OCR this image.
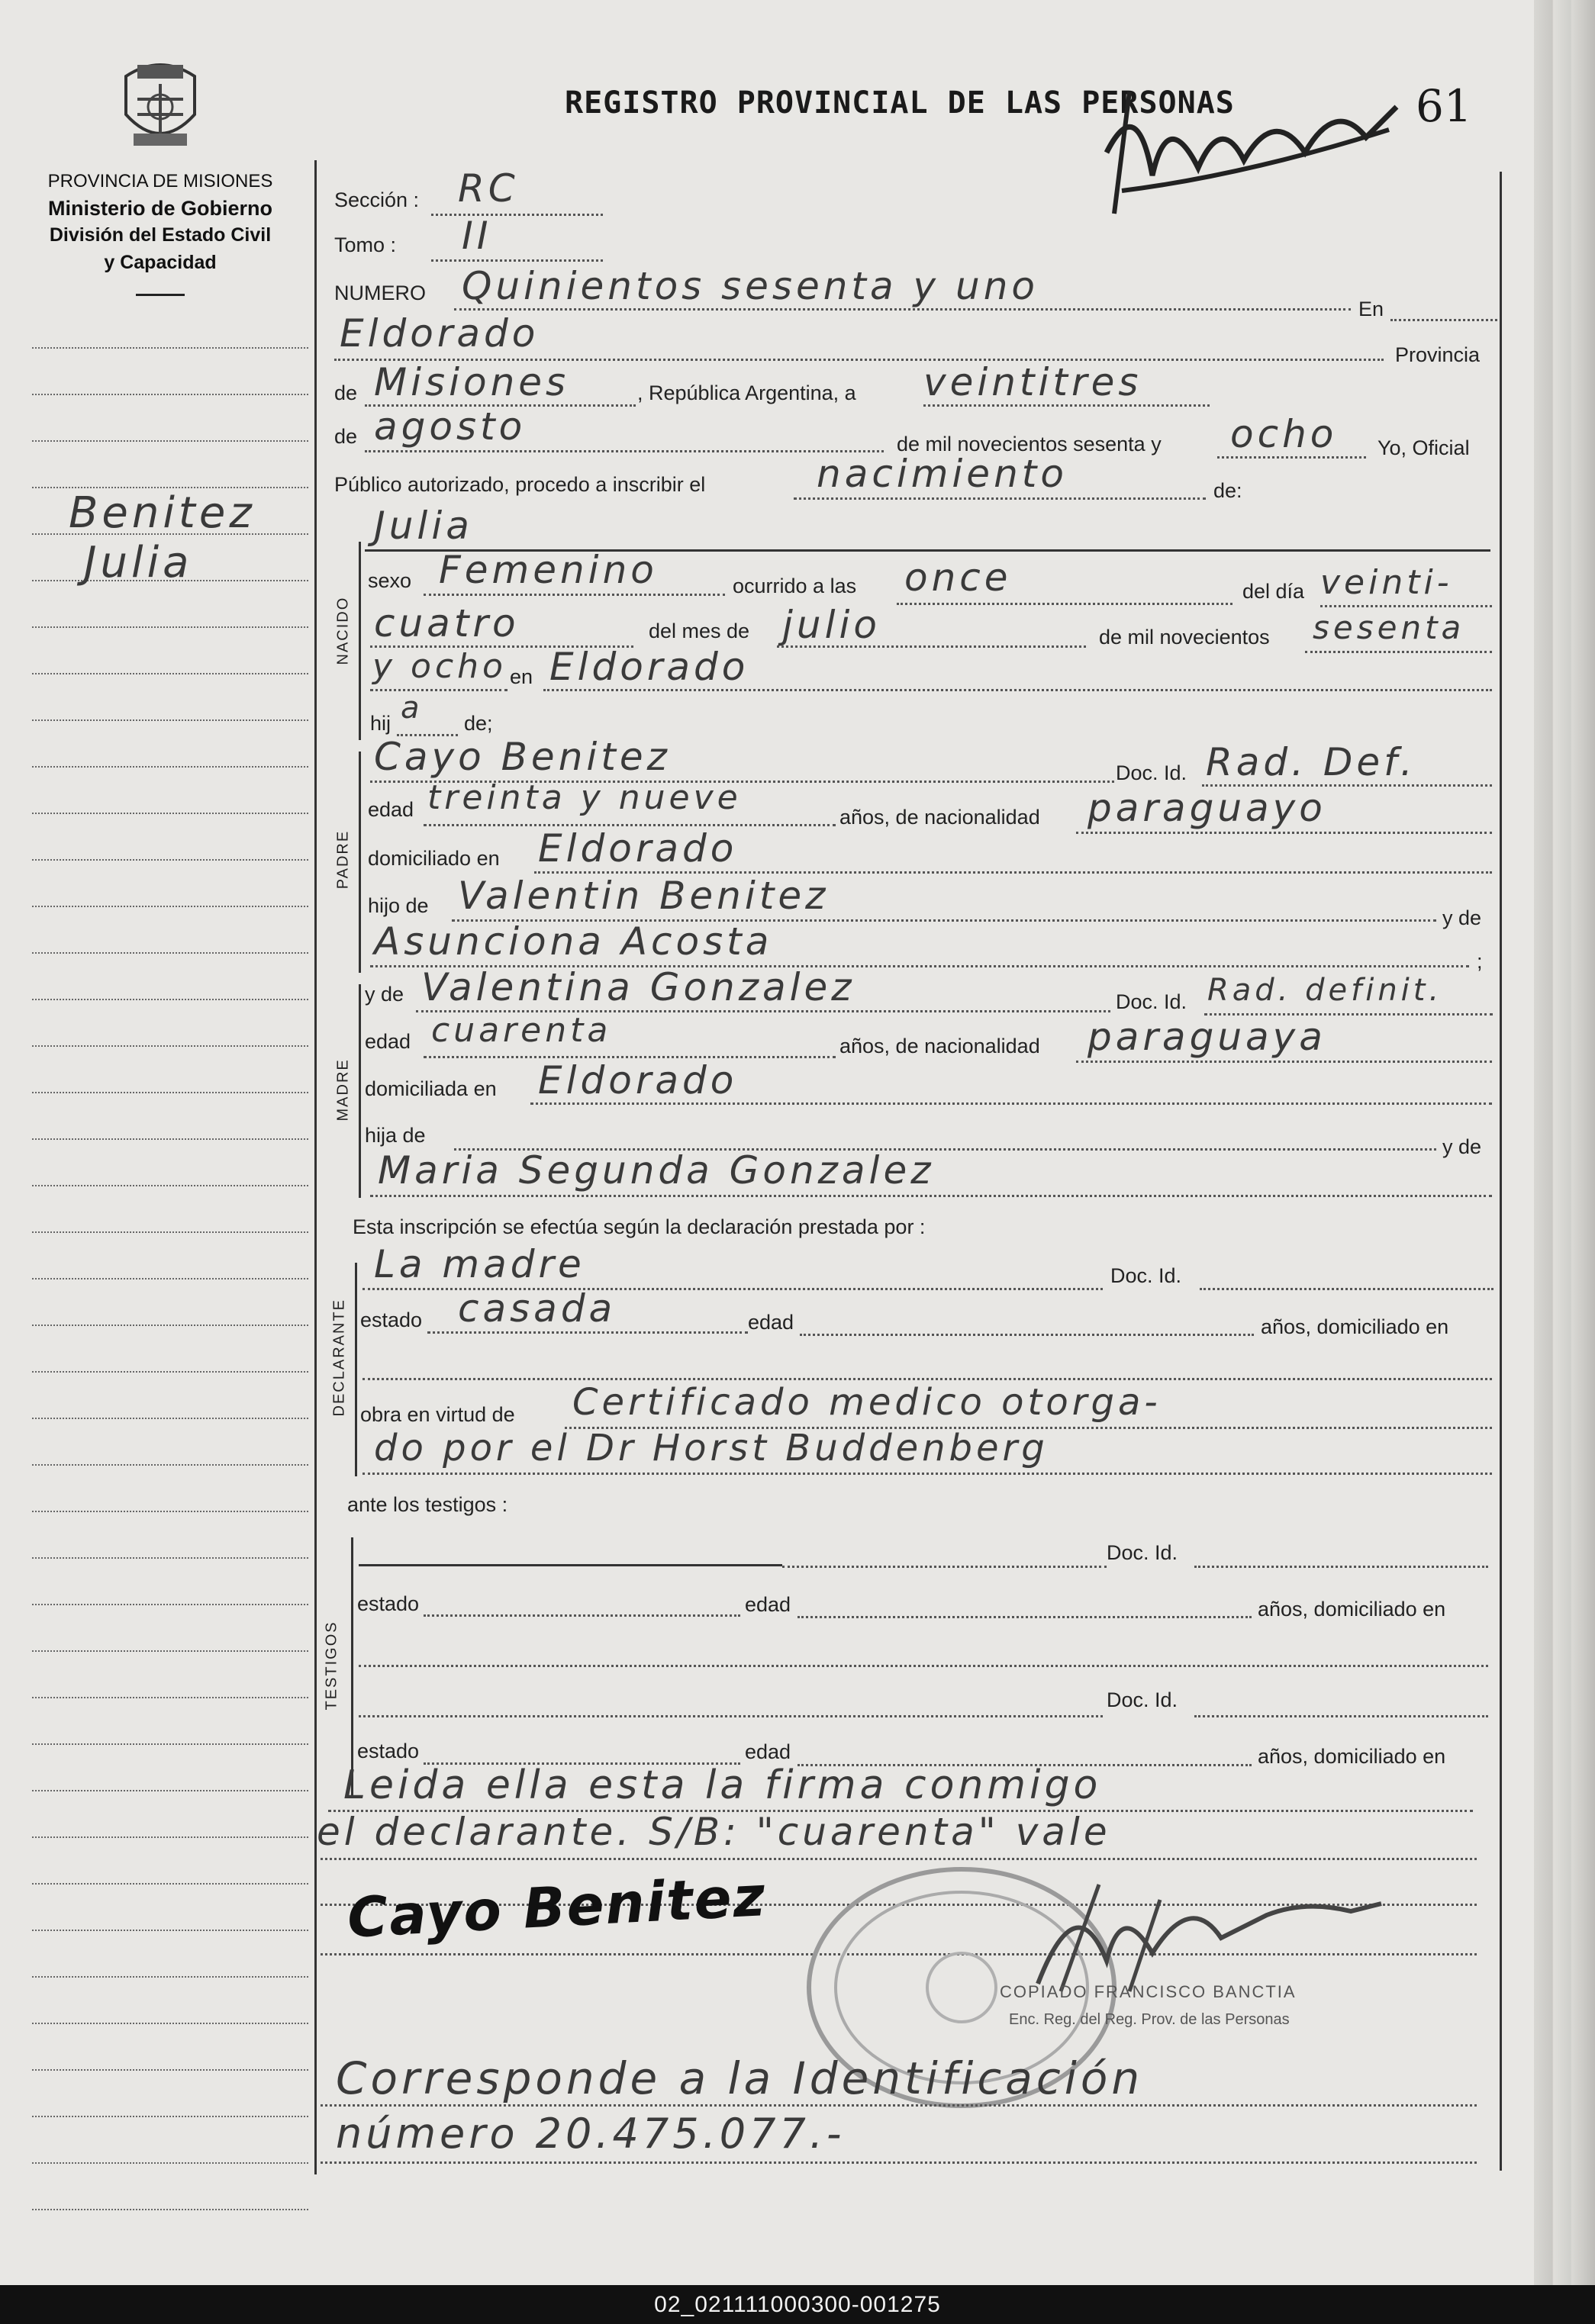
PROVINCIA DE MISIONES
Ministerio de Gobierno
División del Estado Civil
y Capacidad
Benitez
Julia
REGISTRO PROVINCIAL DE LAS PERSONAS	61
Sección : RC
Tomo : II
NUMERO Quinientos sesenta y uno
En
Eldorado	Provincia
de Misiones	, República Argentina, a veintitres
de agosto	de mil novecientos sesenta y ocho Yo, Oficial
Público autorizado, procedo a inscribir el	nacimiento	de:
NACIDO
Julia
sexo Femenino	ocurrido a las once	del día veinti-
cuatro	del mes de julio	de mil novecientos sesenta
y ocho en Eldorado
hij a de;
PADRE
Cayo Benitez	Doc. Id. Rad. Def.
edad treinta y nueve	años, de nacionalidad paraguayo
domiciliado en Eldorado
hijo de Valentin Benitez	y de
Asunciona Acosta	;
MADRE
y de Valentina Gonzalez	Doc. Id. Rad. definit.
edad cuarenta	años, de nacionalidad paraguaya
domiciliada en Eldorado
hija de	y de
Maria Segunda Gonzalez
Esta inscripción se efectúa según la declaración prestada por :
DECLARANTE
La madre	Doc. Id.
estado casada	edad	años, domiciliado en
obra en virtud de Certificado medico otorga-
do por el Dr Horst Buddenberg
ante los testigos :
TESTIGOS
Doc. Id.
estado	edad	años, domiciliado en
Doc. Id.
estado	edad	años, domiciliado en
Leida ella esta la firma conmigo
el declarante. S/B: "cuarenta" vale
Cayo Benitez
COPIADO FRANCISCO BANCTIA
Enc. Reg. del Reg. Prov. de las Personas
Corresponde a la Identificación
número 20.475.077.-
02_021111000300-001275
